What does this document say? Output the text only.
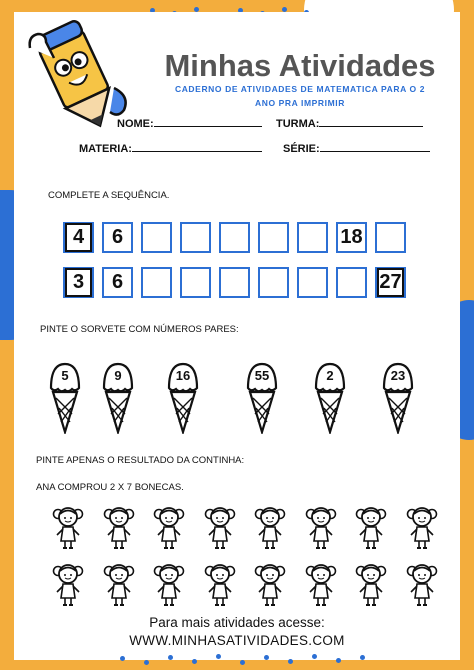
Minhas Atividades
CADERNO DE ATIVIDADES DE MATEMATICA PARA O 2
ANO PRA IMPRIMIR
NOME:	TURMA:
MATERIA:	SÉRIE:
COMPLETE A SEQUÊNCIA.
4	6	18
3	6	27
PINTE O SORVETE COM NÚMEROS PARES:
5	9	16	55	2	23
PINTE APENAS O RESULTADO DA CONTINHA:
ANA COMPROU 2 X 7 BONECAS.
Para mais atividades acesse:
WWW.MINHASATIVIDADES.COM
